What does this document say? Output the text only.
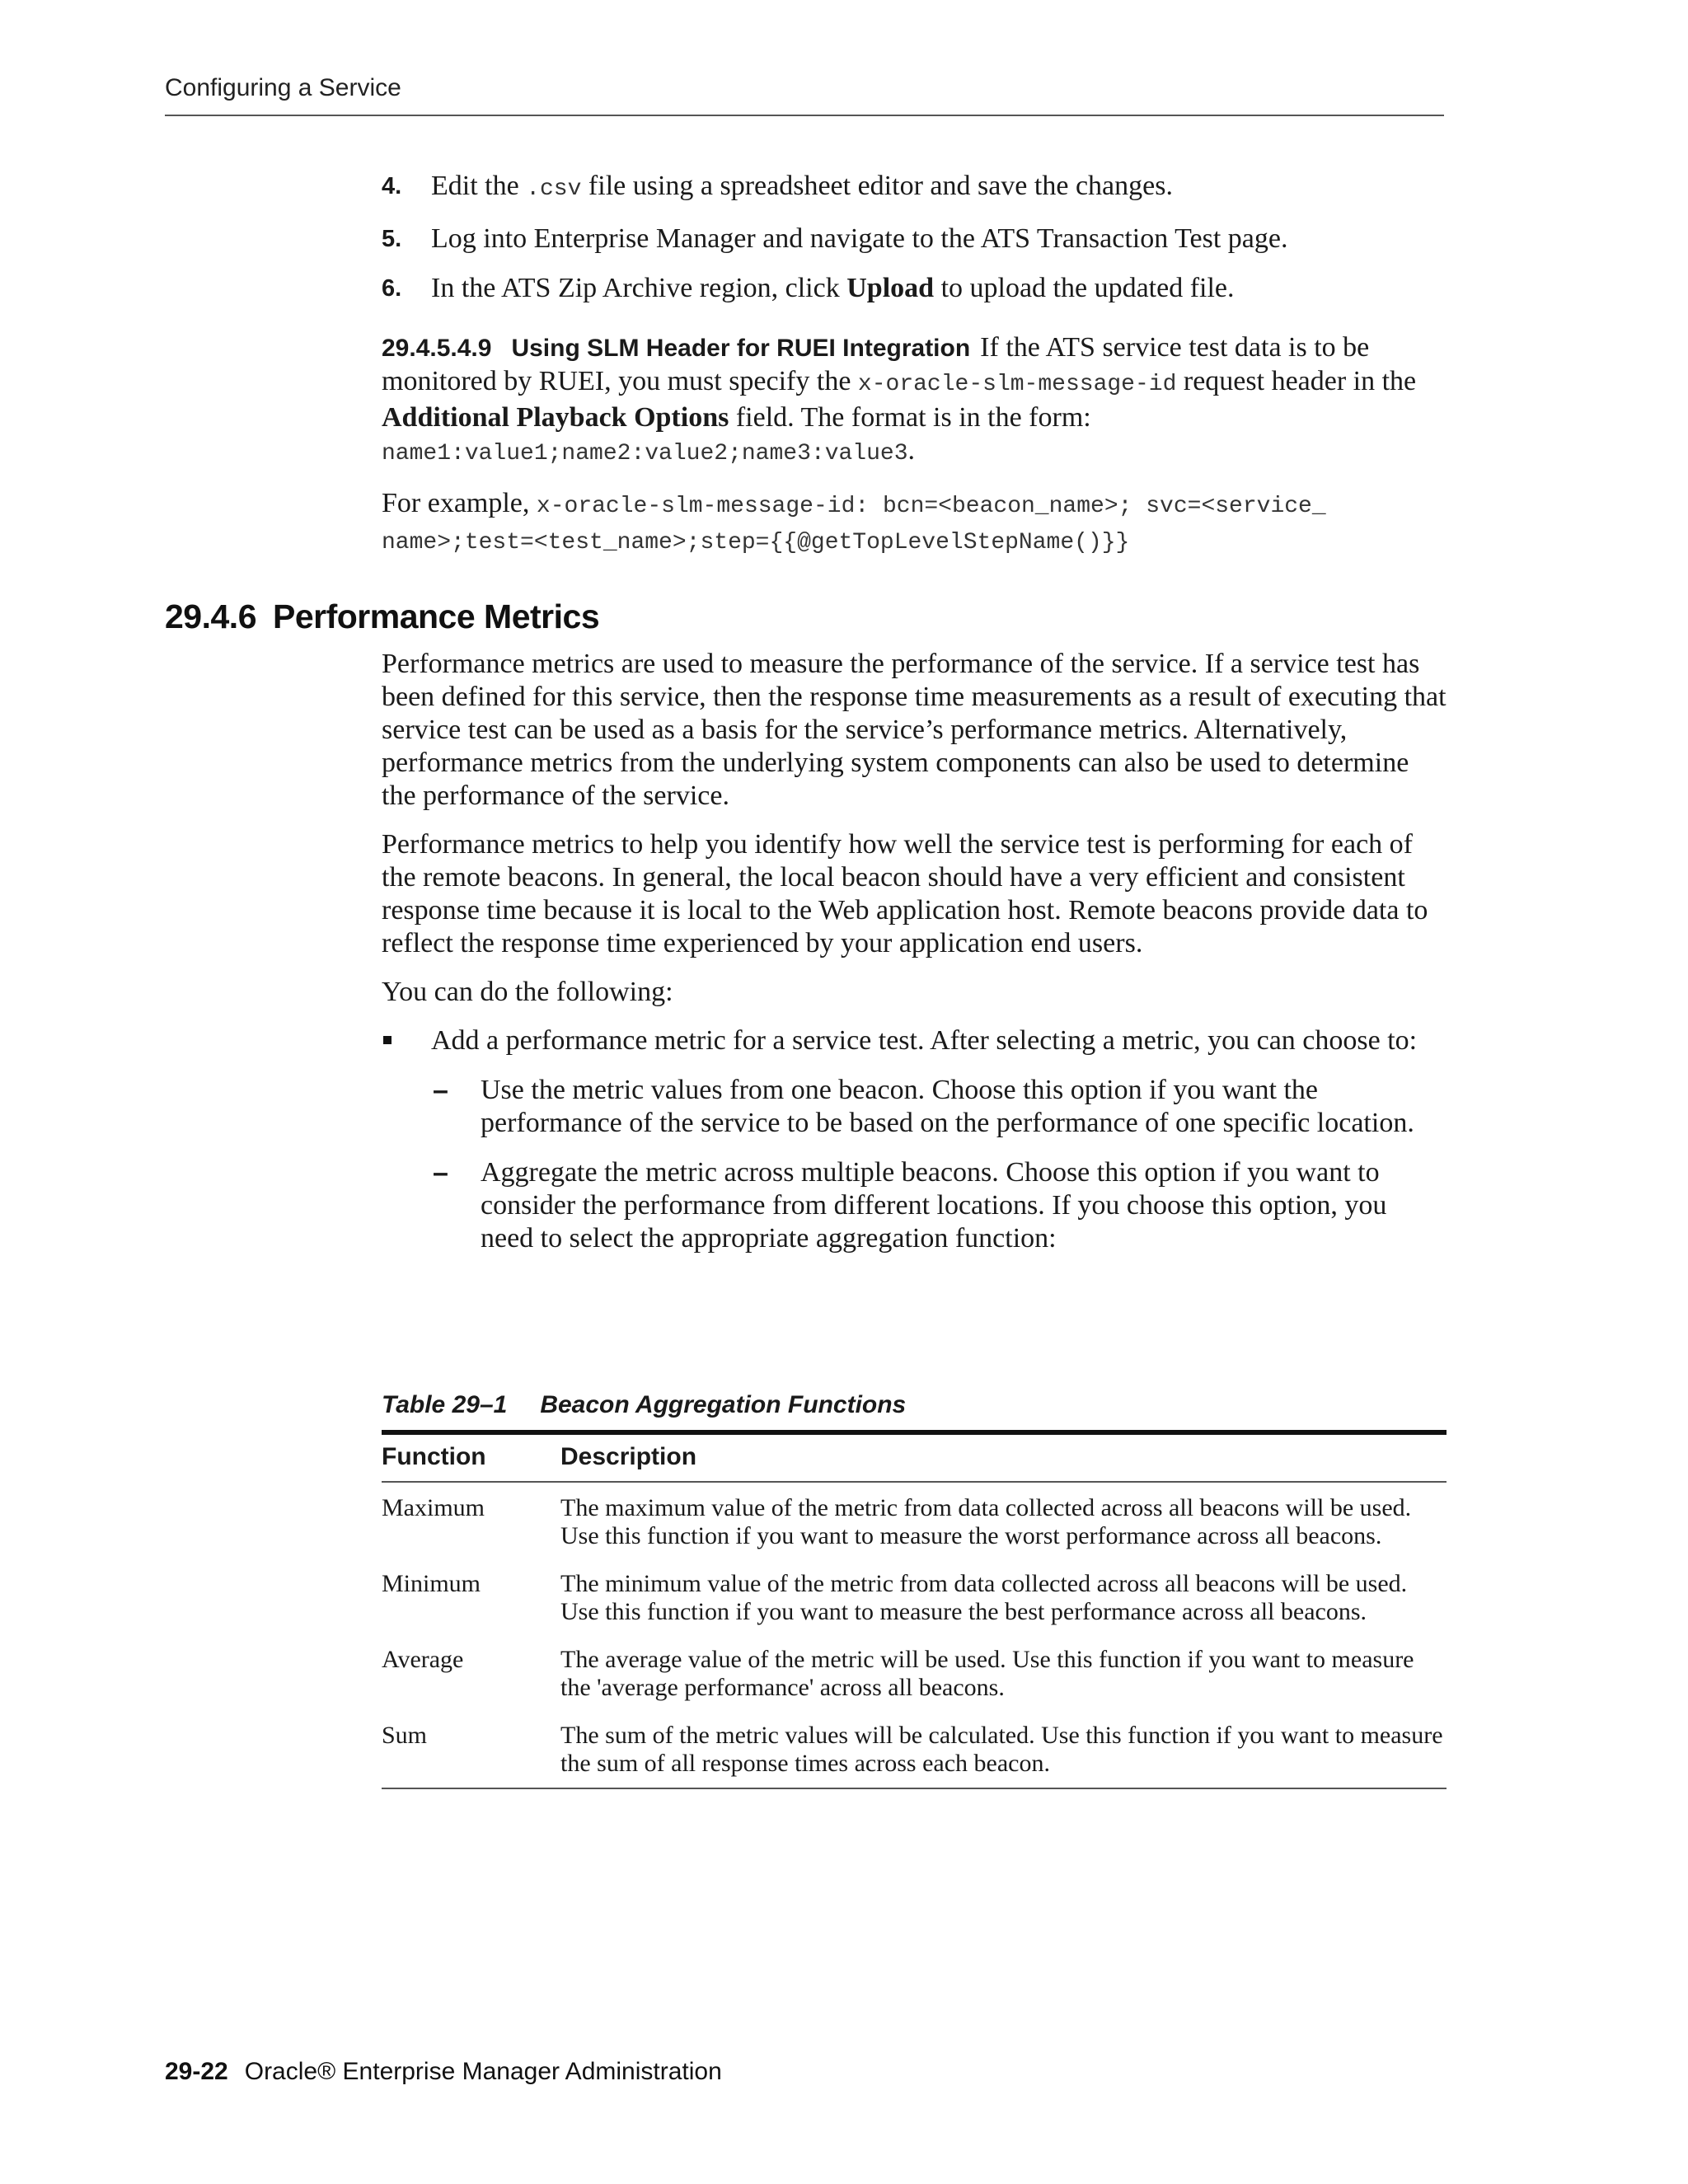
Configuring a Service
4. Edit the .csv file using a spreadsheet editor and save the changes.
5. Log into Enterprise Manager and navigate to the ATS Transaction Test page.
6. In the ATS Zip Archive region, click Upload to upload the updated file.

29.4.5.4.9 Using SLM Header for RUEI Integration If the ATS service test data is to be monitored by RUEI, you must specify the x-oracle-slm-message-id request header in the Additional Playback Options field. The format is in the form: name1:value1;name2:value2;name3:value3.

For example, x-oracle-slm-message-id: bcn=<beacon_name>; svc=<service_ name>;test=<test_name>;step={{@getTopLevelStepName()}}

29.4.6 Performance Metrics

Performance metrics are used to measure the performance of the service. If a service test has been defined for this service, then the response time measurements as a result of executing that service test can be used as a basis for the service’s performance metrics. Alternatively, performance metrics from the underlying system components can also be used to determine the performance of the service.

Performance metrics to help you identify how well the service test is performing for each of the remote beacons. In general, the local beacon should have a very efficient and consistent response time because it is local to the Web application host. Remote beacons provide data to reflect the response time experienced by your application end users.

You can do the following:

Add a performance metric for a service test. After selecting a metric, you can choose to:
– Use the metric values from one beacon. Choose this option if you want the performance of the service to be based on the performance of one specific location.
– Aggregate the metric across multiple beacons. Choose this option if you want to consider the performance from different locations. If you choose this option, you need to select the appropriate aggregation function:
Table 29–1 Beacon Aggregation Functions
Function	Description
Maximum	The maximum value of the metric from data collected across all beacons will be used. Use this function if you want to measure the worst performance across all beacons.
Minimum	The minimum value of the metric from data collected across all beacons will be used. Use this function if you want to measure the best performance across all beacons.
Average	The average value of the metric will be used. Use this function if you want to measure the 'average performance' across all beacons.
Sum	The sum of the metric values will be calculated. Use this function if you want to measure the sum of all response times across each beacon.
29-22 Oracle® Enterprise Manager Administration
